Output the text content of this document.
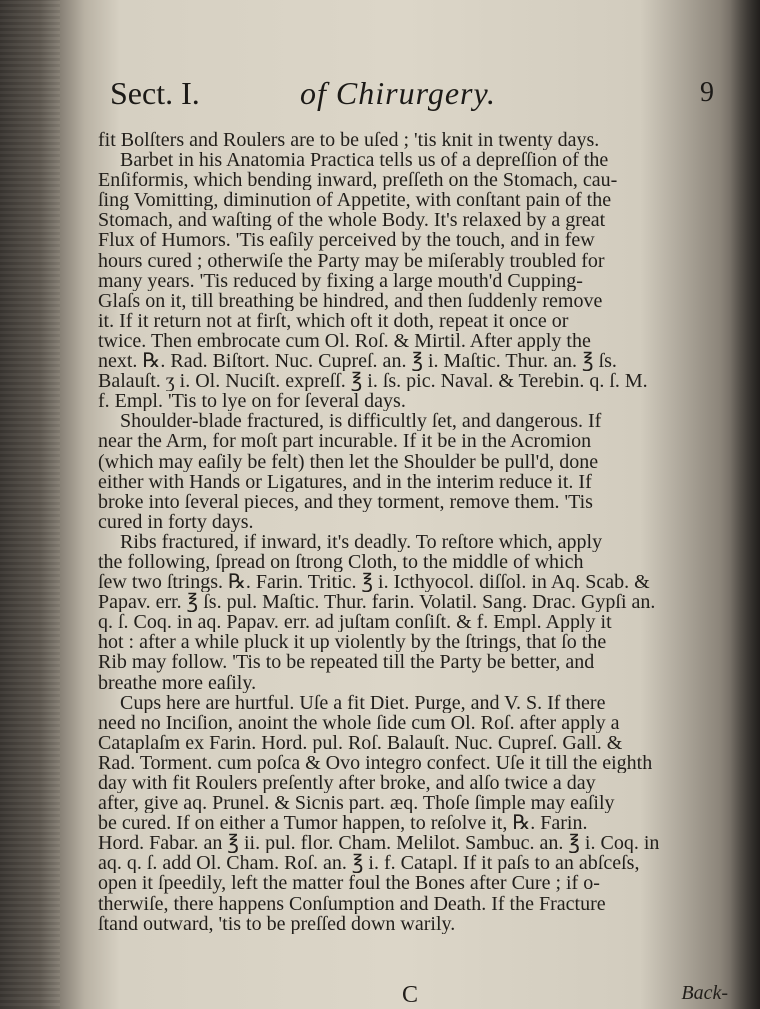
Sect. I.	of Chirurgery.	9
fit Bolſters and Roulers are to be uſed ; 'tis knit in twenty days.
Barbet in his Anatomia Practica tells us of a depreſſion of the
Enſiformis, which bending inward, preſſeth on the Stomach, cau-
ſing Vomitting, diminution of Appetite, with conſtant pain of the
Stomach, and waſting of the whole Body. It's relaxed by a great
Flux of Humors. 'Tis eaſily perceived by the touch, and in few
hours cured ; otherwiſe the Party may be miſerably troubled for
many years. 'Tis reduced by fixing a large mouth'd Cupping-
Glaſs on it, till breathing be hindred, and then ſuddenly remove
it. If it return not at firſt, which oft it doth, repeat it once or
twice. Then embrocate cum Ol. Roſ. & Mirtil. After apply the
next. ℞. Rad. Biſtort. Nuc. Cupreſ. an. ℥ i. Maſtic. Thur. an. ℥ ſs.
Balauſt. ʒ i. Ol. Nuciſt. expreſſ. ℥ i. ſs. pic. Naval. & Terebin. q. ſ. M.
f. Empl. 'Tis to lye on for ſeveral days.
Shoulder-blade fractured, is difficultly ſet, and dangerous. If
near the Arm, for moſt part incurable. If it be in the Acromion
(which may eaſily be felt) then let the Shoulder be pull'd, done
either with Hands or Ligatures, and in the interim reduce it. If
broke into ſeveral pieces, and they torment, remove them. 'Tis
cured in forty days.
Ribs fractured, if inward, it's deadly. To reſtore which, apply
the following, ſpread on ſtrong Cloth, to the middle of which
ſew two ſtrings. ℞. Farin. Tritic. ℥ i. Icthyocol. diſſol. in Aq. Scab. &
Papav. err. ℥ ſs. pul. Maſtic. Thur. farin. Volatil. Sang. Drac. Gypſi an.
q. ſ. Coq. in aq. Papav. err. ad juſtam conſiſt. & f. Empl. Apply it
hot : after a while pluck it up violently by the ſtrings, that ſo the
Rib may follow. 'Tis to be repeated till the Party be better, and
breathe more eaſily.
Cups here are hurtful. Uſe a fit Diet. Purge, and V. S. If there
need no Inciſion, anoint the whole ſide cum Ol. Roſ. after apply a
Cataplaſm ex Farin. Hord. pul. Roſ. Balauſt. Nuc. Cupreſ. Gall. &
Rad. Torment. cum poſca & Ovo integro confect. Uſe it till the eighth
day with fit Roulers preſently after broke, and alſo twice a day
after, give aq. Prunel. & Sicnis part. æq. Thoſe ſimple may eaſily
be cured. If on either a Tumor happen, to reſolve it, ℞. Farin.
Hord. Fabar. an ℥ ii. pul. flor. Cham. Melilot. Sambuc. an. ℥ i. Coq. in
aq. q. ſ. add Ol. Cham. Roſ. an. ℥ i. f. Catapl. If it paſs to an abſceſs,
open it ſpeedily, left the matter foul the Bones after Cure ; if o-
therwiſe, there happens Conſumption and Death. If the Fracture
ſtand outward, 'tis to be preſſed down warily.
C	Back-
